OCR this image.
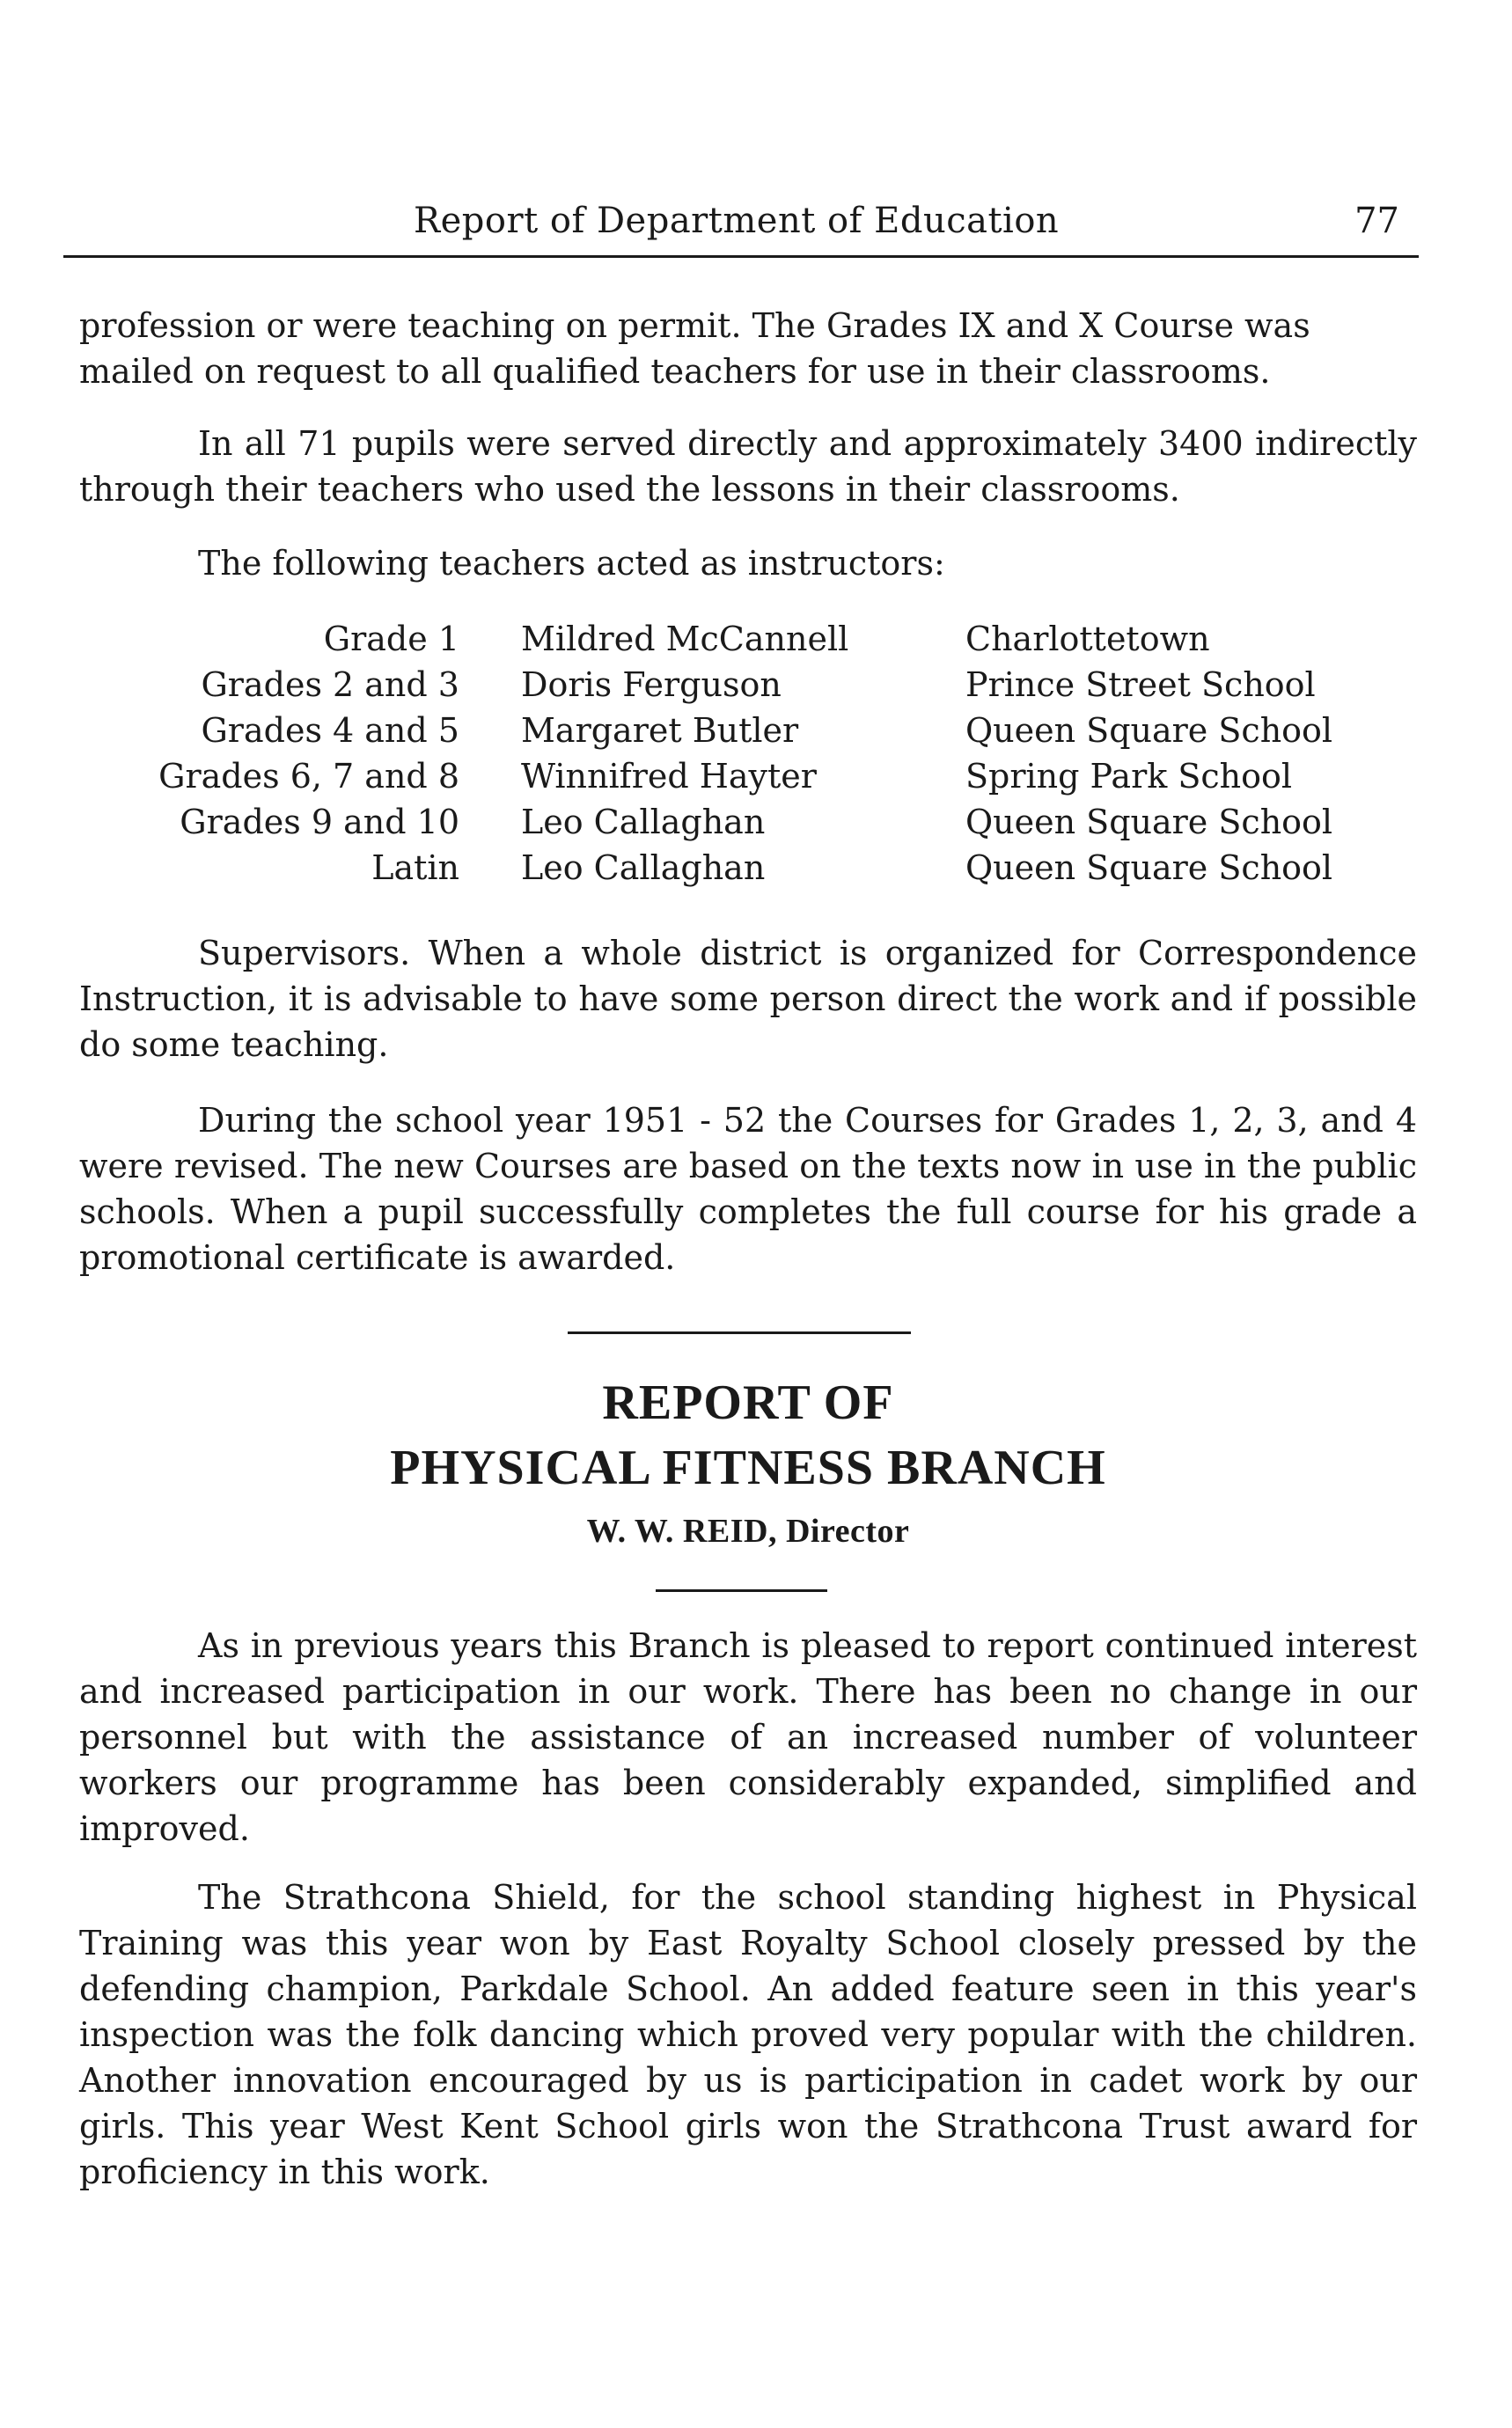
Report of Department of Education	77

profession or were teaching on permit. The Grades IX and X Course was
mailed on request to all qualified teachers for use in their classrooms.

In all 71 pupils were served directly and approximately 3400 indirectly through their teachers who used the lessons in their classrooms.

The following teachers acted as instructors:
Grade 1	Mildred McCannell	Charlottetown
Grades 2 and 3	Doris Ferguson	Prince Street School
Grades 4 and 5	Margaret Butler	Queen Square School
Grades 6, 7 and 8	Winnifred Hayter	Spring Park School
Grades 9 and 10	Leo Callaghan	Queen Square School
Latin	Leo Callaghan	Queen Square School

Supervisors. When a whole district is organized for Correspondence Instruction, it is advisable to have some person direct the work and if possible do some teaching.

During the school year 1951 - 52 the Courses for Grades 1, 2, 3, and 4 were revised. The new Courses are based on the texts now in use in the public schools. When a pupil successfully completes the full course for his grade a promotional certificate is awarded.

REPORT OF
PHYSICAL FITNESS BRANCH
W. W. REID, Director

As in previous years this Branch is pleased to report continued interest and increased participation in our work. There has been no change in our personnel but with the assistance of an increased number of volunteer workers our programme has been considerably expanded, simplified and improved.

The Strathcona Shield, for the school standing highest in Physical Training was this year won by East Royalty School closely pressed by the defending champion, Parkdale School. An added feature seen in this year's inspection was the folk dancing which proved very popular with the children. Another innovation encouraged by us is participation in cadet work by our girls. This year West Kent School girls won the Strathcona Trust award for proficiency in this work.
